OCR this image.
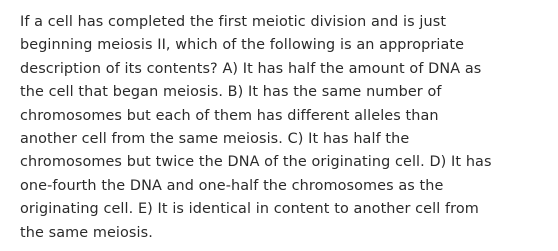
If a cell has completed the first meiotic division and is just
beginning meiosis II, which of the following is an appropriate
description of its contents? A) It has half the amount of DNA as
the cell that began meiosis. B) It has the same number of
chromosomes but each of them has different alleles than
another cell from the same meiosis. C) It has half the
chromosomes but twice the DNA of the originating cell. D) It has
one-fourth the DNA and one-half the chromosomes as the
originating cell. E) It is identical in content to another cell from
the same meiosis.
